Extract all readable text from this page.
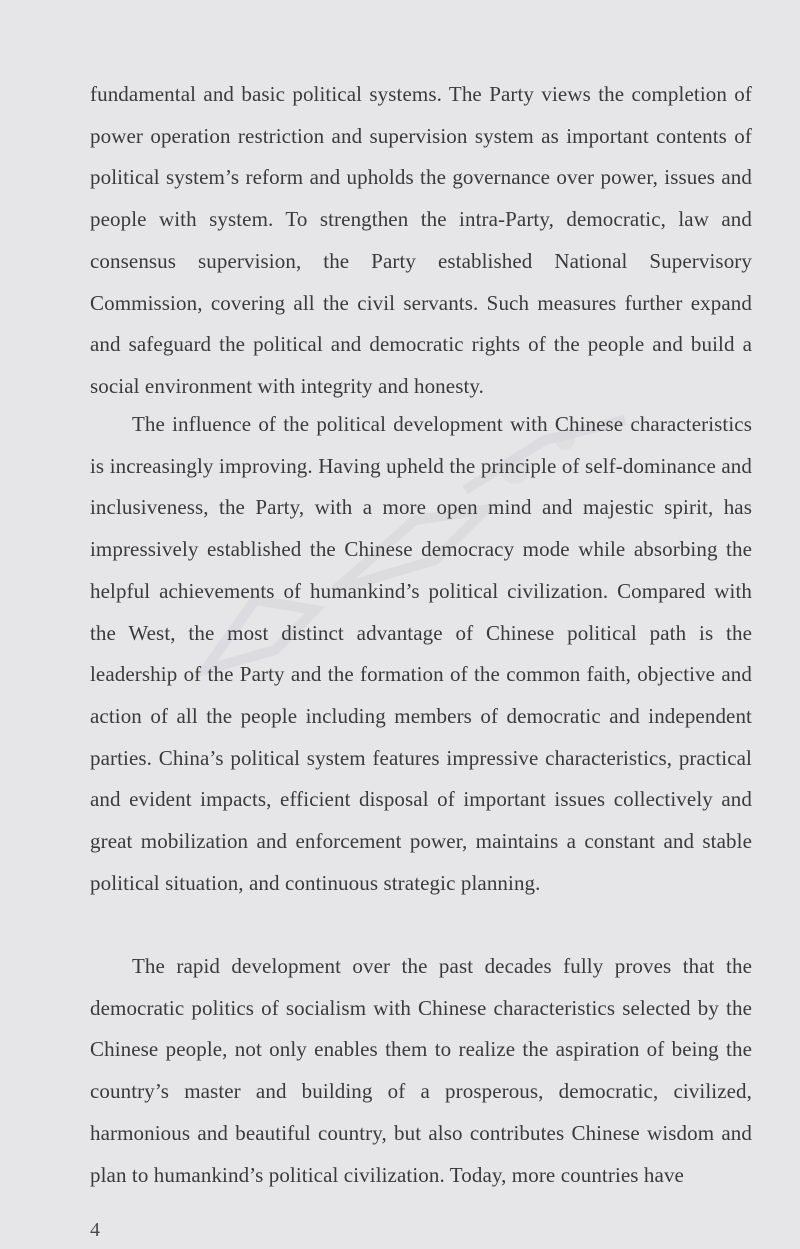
fundamental and basic political systems. The Party views the completion of power operation restriction and supervision system as important contents of political system’s reform and upholds the governance over power, issues and people with system. To strengthen the intra-Party, democratic, law and consensus supervision, the Party established National Supervisory Commission, covering all the civil servants. Such measures further expand and safeguard the political and democratic rights of the people and build a social environment with integrity and honesty.

The influence of the political development with Chinese characteristics is increasingly improving. Having upheld the principle of self-dominance and inclusiveness, the Party, with a more open mind and majestic spirit, has impressively established the Chinese democracy mode while absorbing the helpful achievements of humankind’s political civilization. Compared with the West, the most distinct advantage of Chinese political path is the leadership of the Party and the formation of the common faith, objective and action of all the people including members of democratic and independent parties. China’s political system features impressive characteristics, practical and evident impacts, efficient disposal of important issues collectively and great mobilization and enforcement power, maintains a constant and stable political situation, and continuous strategic planning.

The rapid development over the past decades fully proves that the democratic politics of socialism with Chinese characteristics selected by the Chinese people, not only enables them to realize the aspiration of being the country’s master and building of a prosperous, democratic, civilized, harmonious and beautiful country, but also contributes Chinese wisdom and plan to humankind’s political civilization. Today, more countries have

4
